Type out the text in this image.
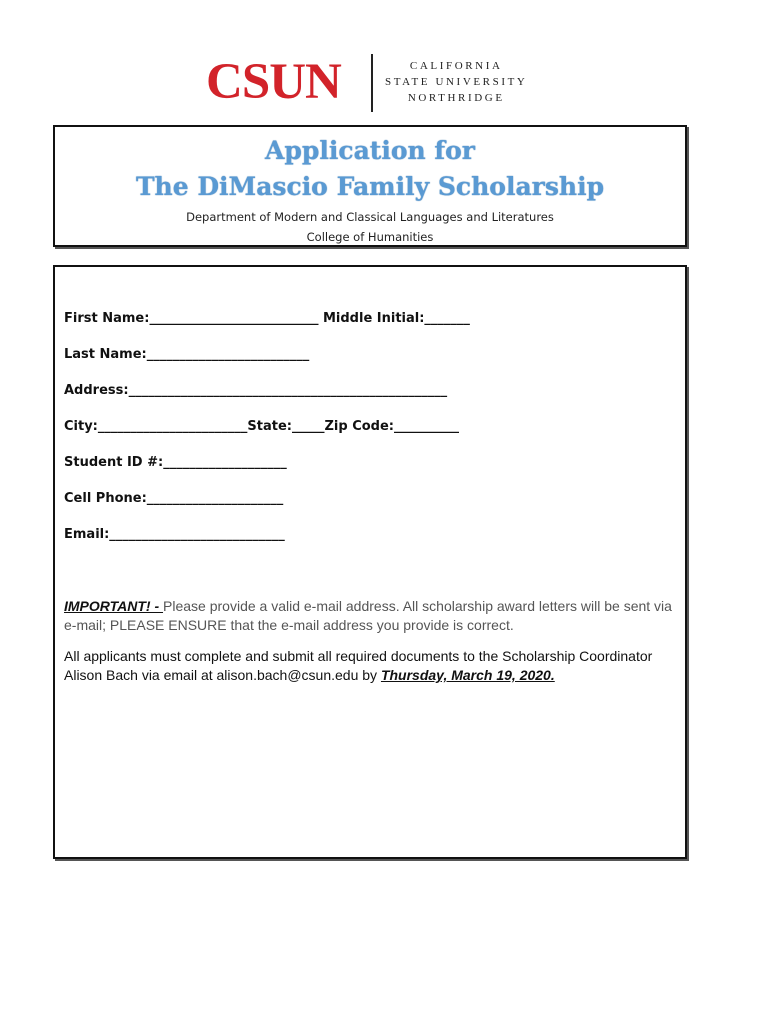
CSUN	CALIFORNIA
STATE UNIVERSITY
NORTHRIDGE
Application for
The DiMascio Family Scholarship
Department of Modern and Classical Languages and Literatures
College of Humanities
First Name:__________________________ Middle Initial:_______
Last Name:_________________________
Address:_________________________________________________
City:_______________________State:_____Zip Code:__________
Student ID #:___________________
Cell Phone:_____________________
Email:___________________________
IMPORTANT! - Please provide a valid e-mail address. All scholarship award letters will be sent via e-mail; PLEASE ENSURE that the e-mail address you provide is correct.
All applicants must complete and submit all required documents to the Scholarship Coordinator Alison Bach via email at alison.bach@csun.edu by Thursday, March 19, 2020.
